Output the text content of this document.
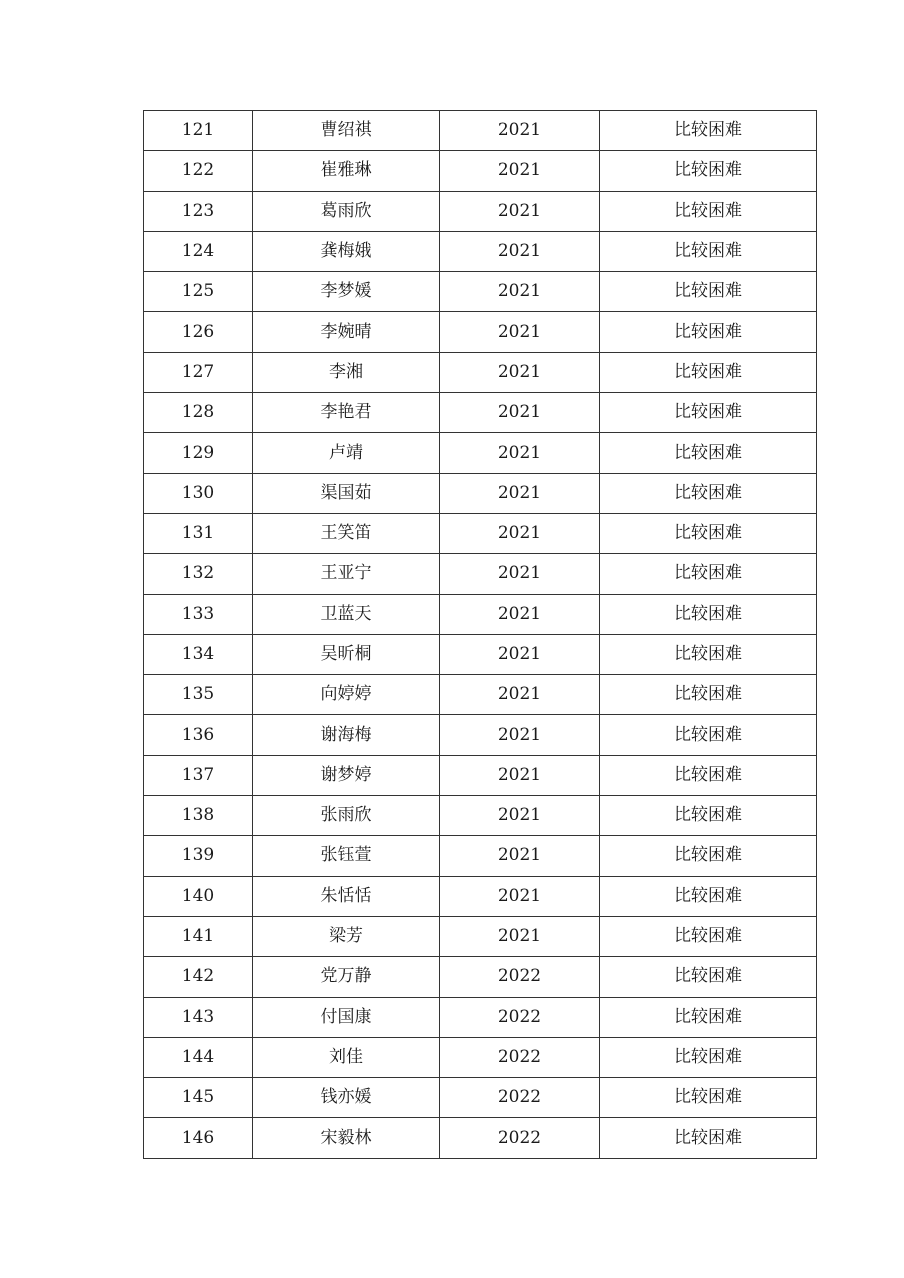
121	曹绍祺	2021	比较困难
122	崔雅琳	2021	比较困难
123	葛雨欣	2021	比较困难
124	龚梅娥	2021	比较困难
125	李梦媛	2021	比较困难
126	李婉晴	2021	比较困难
127	李湘	2021	比较困难
128	李艳君	2021	比较困难
129	卢靖	2021	比较困难
130	渠国茹	2021	比较困难
131	王笑笛	2021	比较困难
132	王亚宁	2021	比较困难
133	卫蓝天	2021	比较困难
134	吴昕桐	2021	比较困难
135	向婷婷	2021	比较困难
136	谢海梅	2021	比较困难
137	谢梦婷	2021	比较困难
138	张雨欣	2021	比较困难
139	张钰萱	2021	比较困难
140	朱恬恬	2021	比较困难
141	梁芳	2021	比较困难
142	党万静	2022	比较困难
143	付国康	2022	比较困难
144	刘佳	2022	比较困难
145	钱亦媛	2022	比较困难
146	宋毅林	2022	比较困难
